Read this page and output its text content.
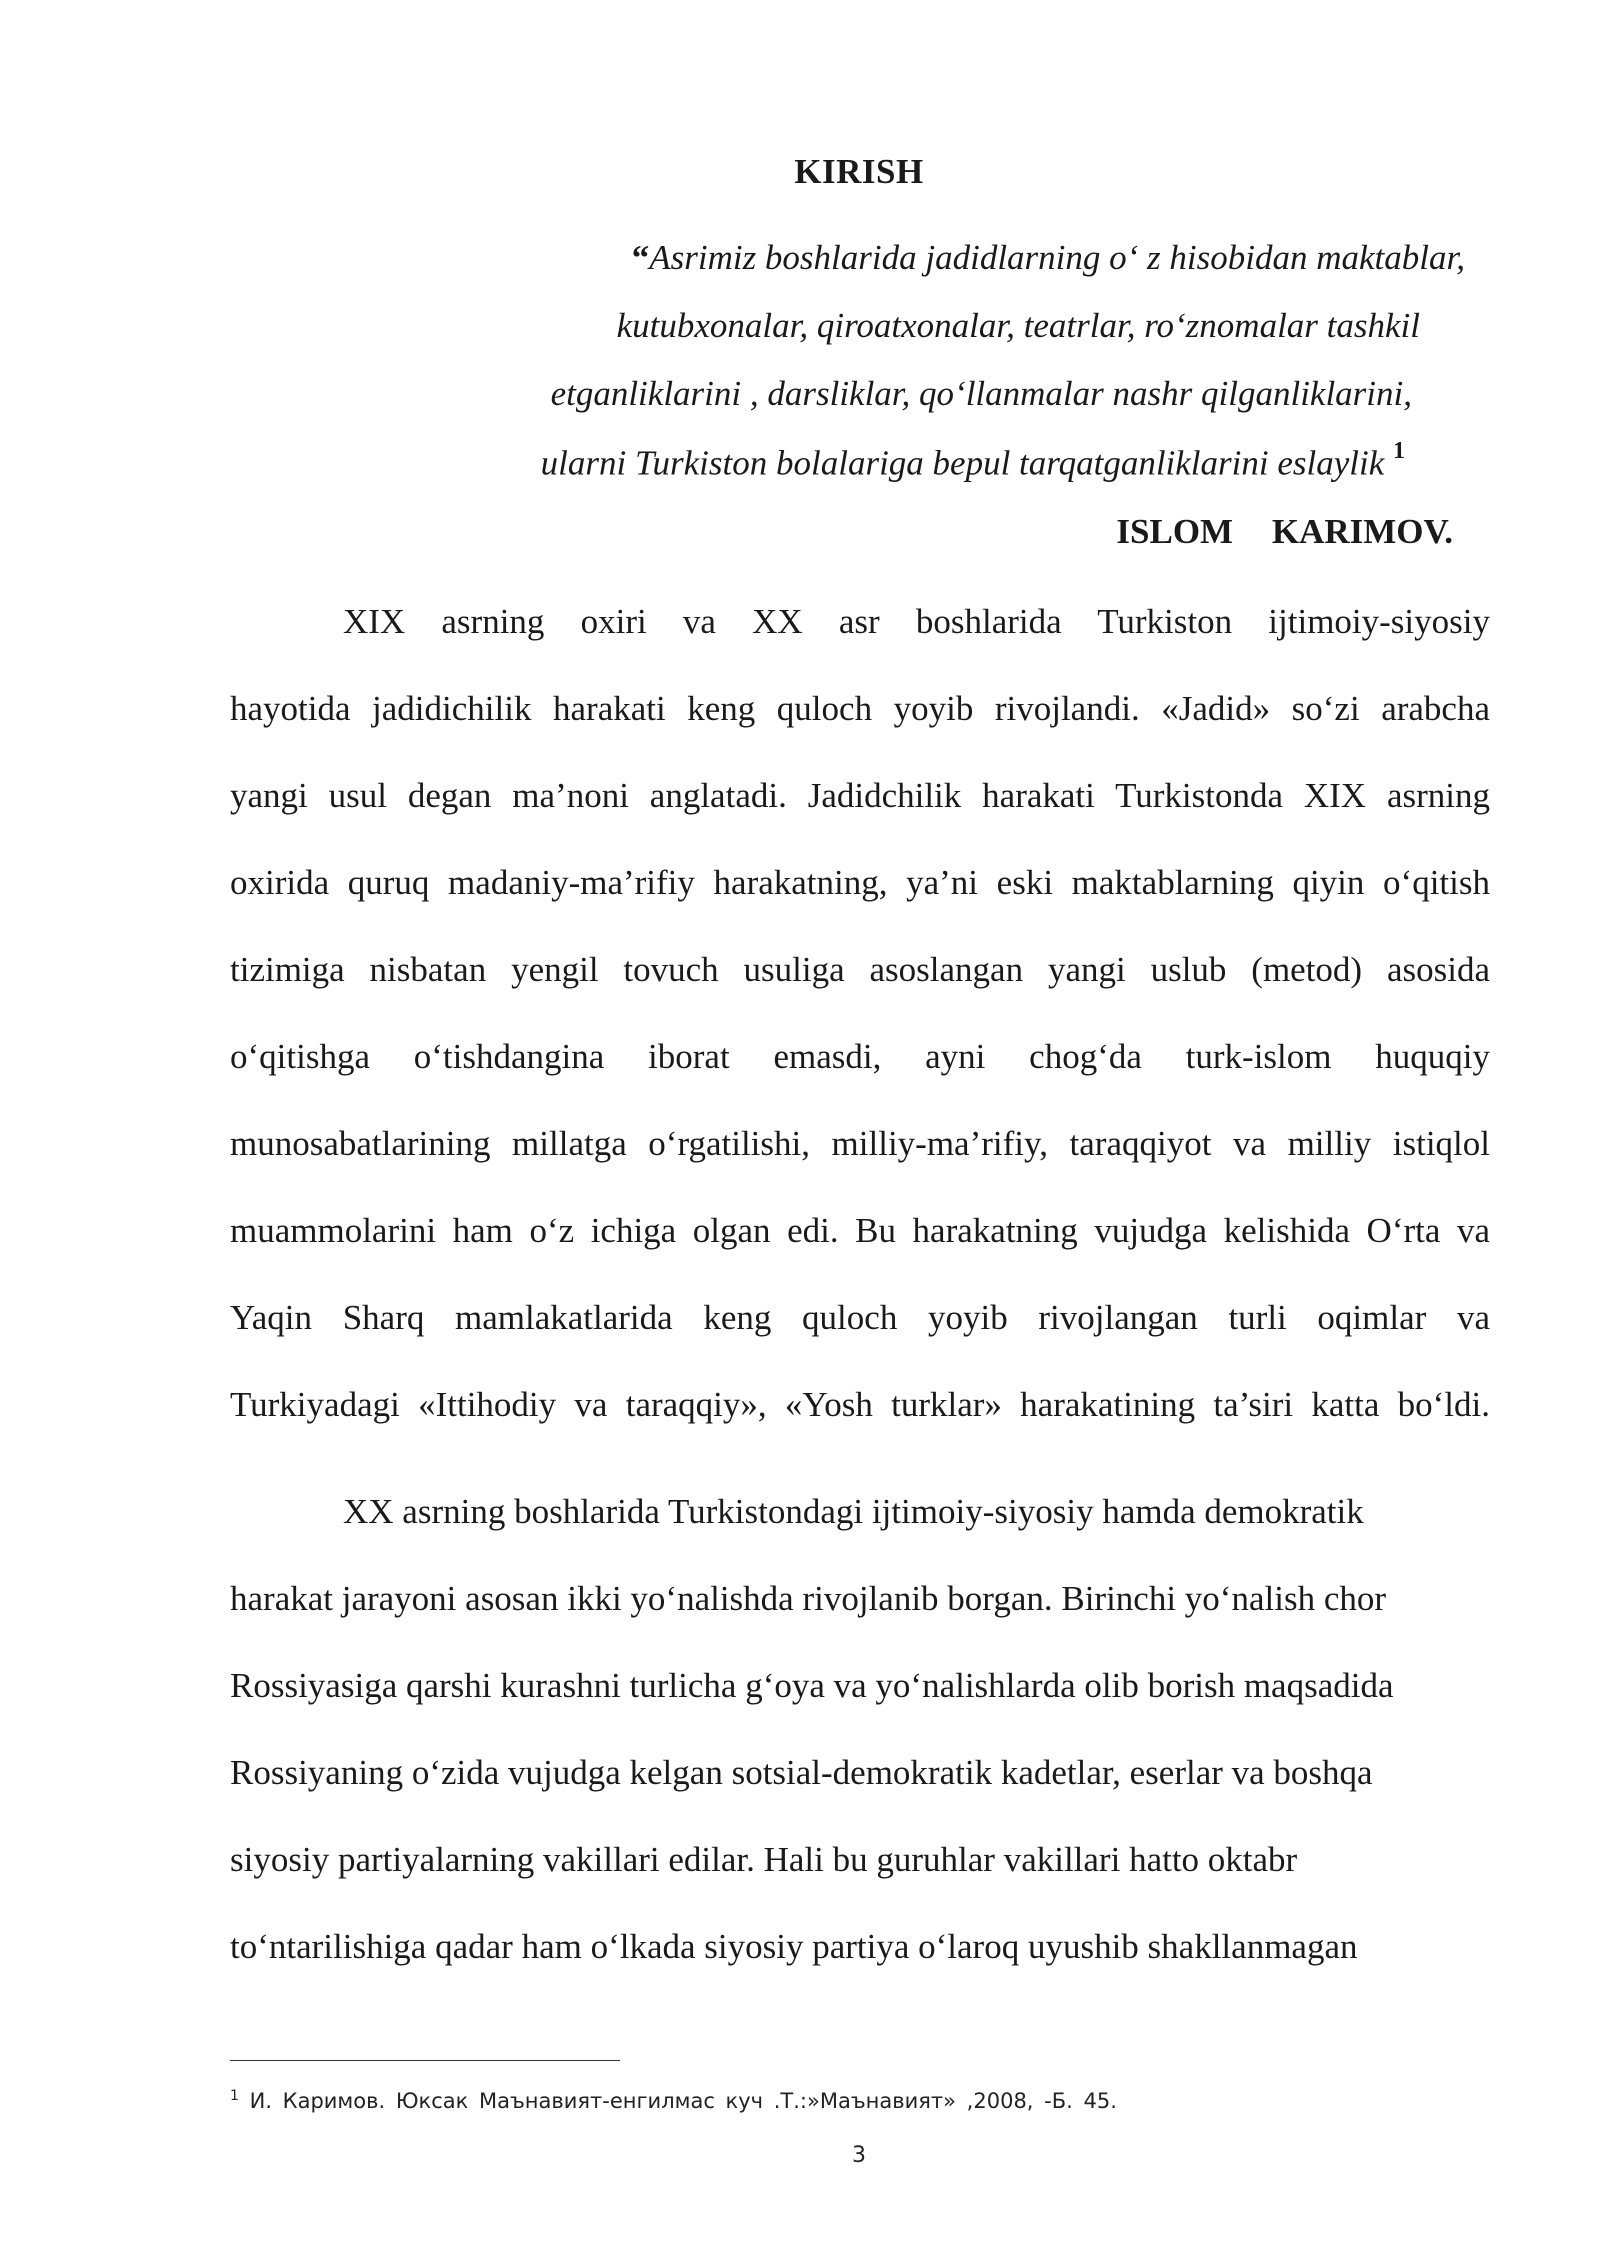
KIRISH
“Asrimiz boshlarida jadidlarning o‘ z hisobidan maktablar,
kutubxonalar, qiroatxonalar, teatrlar, ro‘znomalar tashkil
etganliklarini , darsliklar, qo‘llanmalar nashr qilganliklarini,
ularni Turkiston bolalariga bepul tarqatganliklarini eslaylik $^1$
ISLOM KARIMOV.
XIX asrning oxiri va XX asr boshlarida Turkiston ijtimoiy-siyosiy
hayotida jadidichilik harakati keng quloch yoyib rivojlandi. «Jadid» so‘zi arabcha
yangi usul degan ma’noni anglatadi. Jadidchilik harakati Turkistonda XIX asrning
oxirida quruq madaniy-ma’rifiy harakatning, ya’ni eski maktablarning qiyin o‘qitish
tizimiga nisbatan yengil tovuch usuliga asoslangan yangi uslub (metod) asosida
o‘qitishga o‘tishdangina iborat emasdi, ayni chog‘da turk-islom huquqiy
munosabatlarining millatga o‘rgatilishi, milliy-ma’rifiy, taraqqiyot va milliy istiqlol
muammolarini ham o‘z ichiga olgan edi. Bu harakatning vujudga kelishida O‘rta va
Yaqin Sharq mamlakatlarida keng quloch yoyib rivojlangan turli oqimlar va
Turkiyadagi «Ittihodiy va taraqqiy», «Yosh turklar» harakatining ta’siri katta bo‘ldi.
XX asrning boshlarida Turkistondagi ijtimoiy-siyosiy hamda demokratik
harakat jarayoni asosan ikki yo‘nalishda rivojlanib borgan. Birinchi yo‘nalish chor
Rossiyasiga qarshi kurashni turlicha g‘oya va yo‘nalishlarda olib borish maqsadida
Rossiyaning o‘zida vujudga kelgan sotsial-demokratik kadetlar, eserlar va boshqa
siyosiy partiyalarning vakillari edilar. Hali bu guruhlar vakillari hatto oktabr
to‘ntarilishiga qadar ham o‘lkada siyosiy partiya o‘laroq uyushib shakllanmagan
$^1$ И. Каримов. Юксак Маънавият-енгилмас куч .Т.:»Маънавият» ,2008, -Б. 45.
3
